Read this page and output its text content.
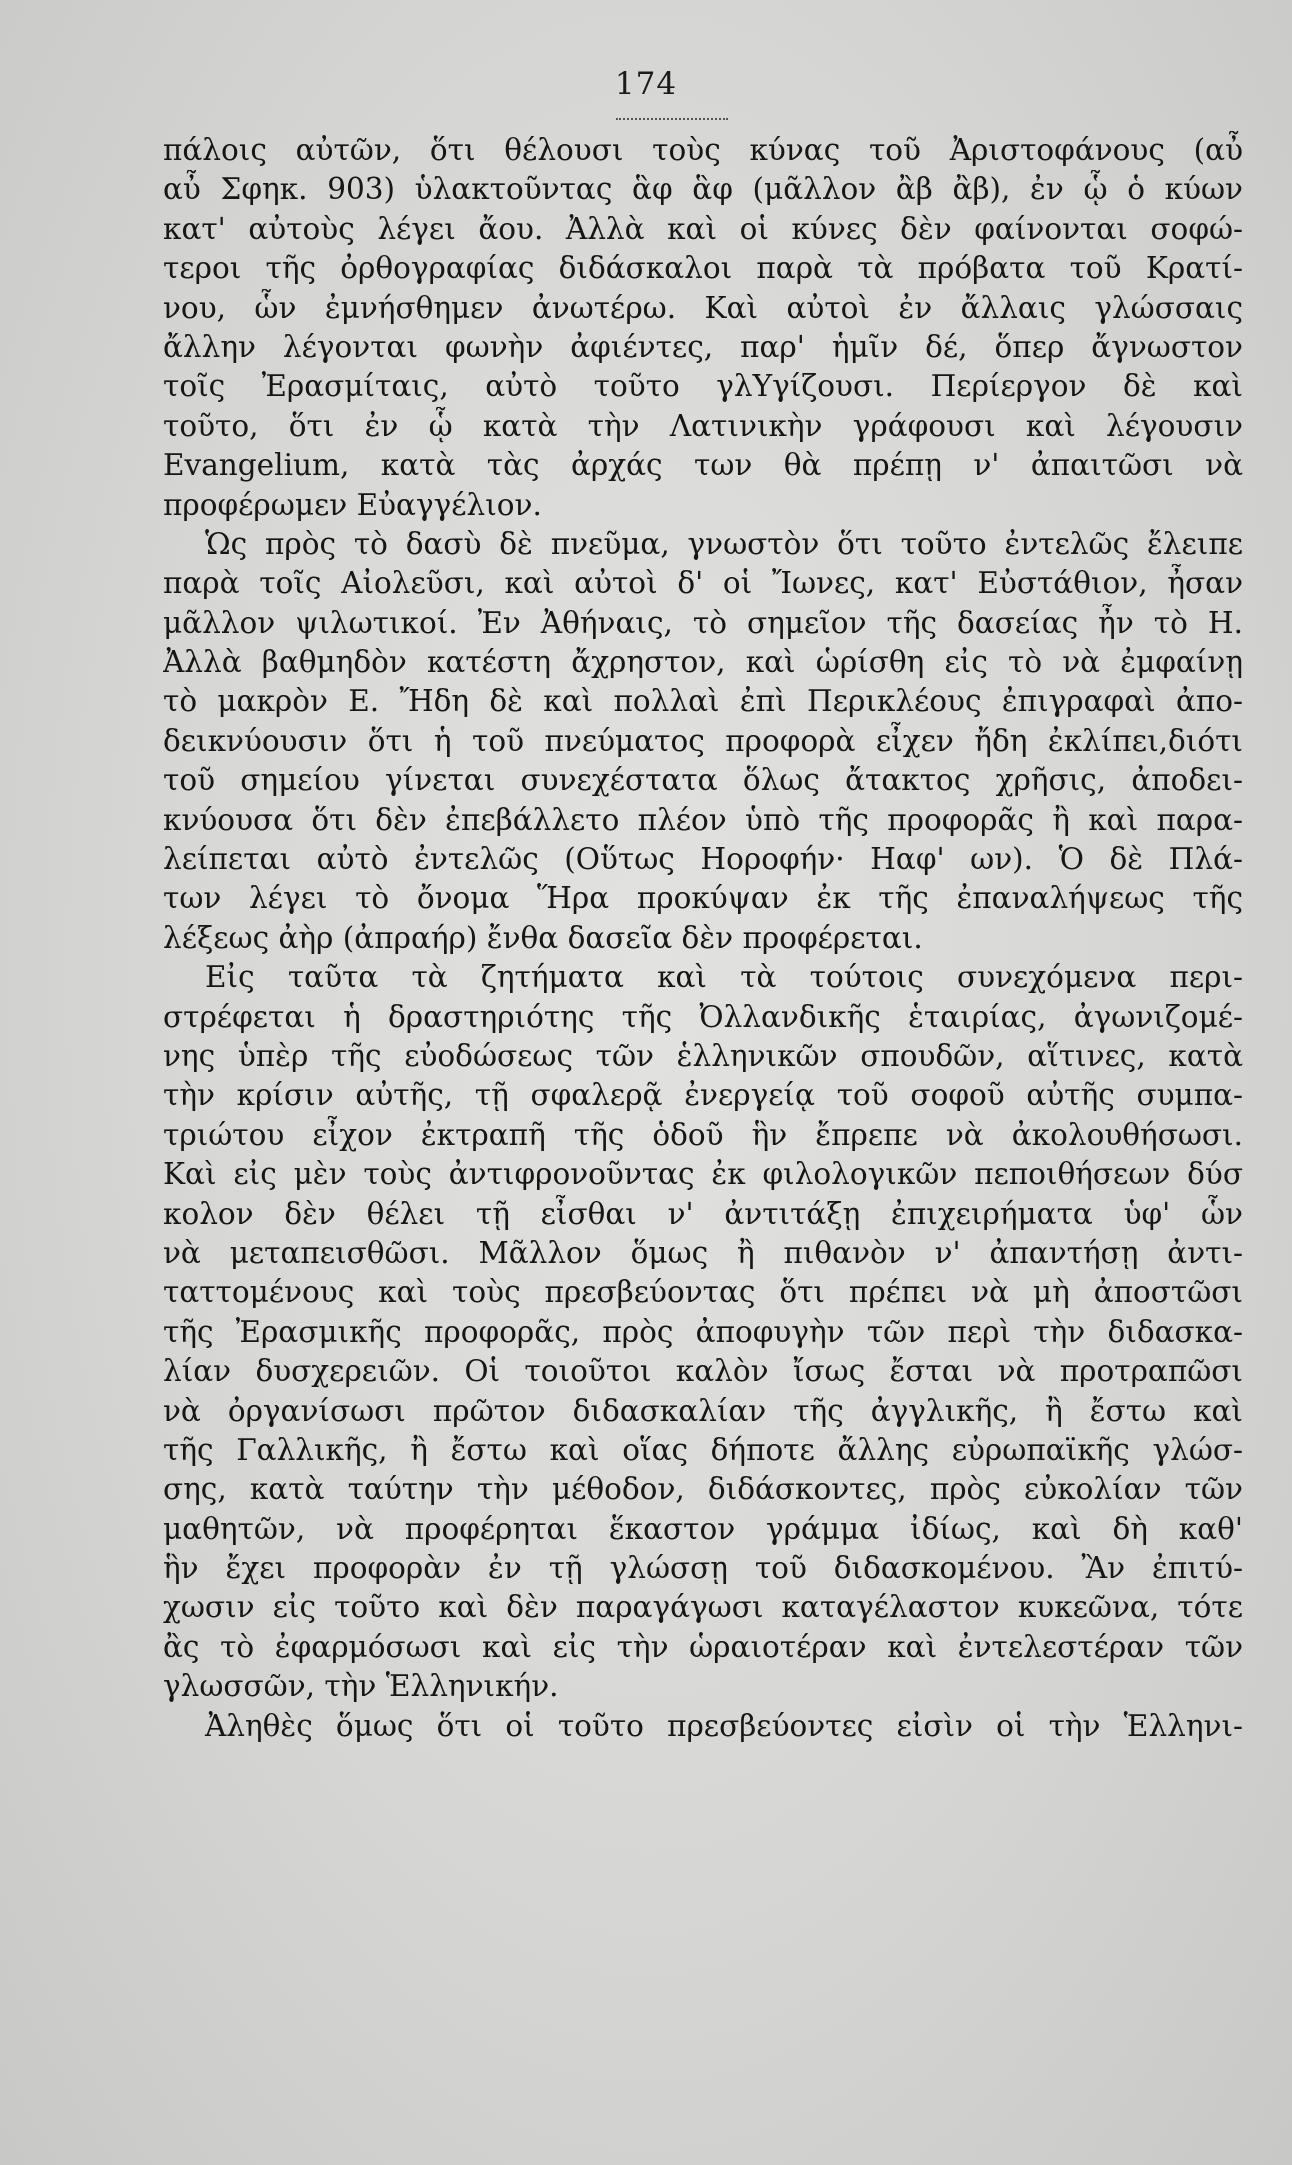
174
πάλοις αὐτῶν, ὅτι θέλουσι τοὺς κύνας τοῦ Ἀριστοφάνους (αὖ
αὖ Σφηκ. 903) ὑλακτοῦντας ἃφ ἃφ (μᾶλλον ἂβ ἂβ), ἐν ᾧ ὁ κύων
κατ' αὐτοὺς λέγει ἄου. Ἀλλὰ καὶ οἱ κύνες δὲν φαίνονται σοφώ-
τεροι τῆς ὀρθογραφίας διδάσκαλοι παρὰ τὰ πρόβατα τοῦ Κρατί-
νου, ὧν ἐμνήσθημεν ἀνωτέρω. Καὶ αὐτοὶ ἐν ἄλλαις γλώσσαις
ἄλλην λέγονται φωνὴν ἀφιέντες, παρ' ἡμῖν δέ, ὅπερ ἄγνωστον
τοῖς Ἐρασμίταις, αὐτὸ τοῦτο γλΥγίζουσι. Περίεργον δὲ καὶ
τοῦτο, ὅτι ἐν ᾧ κατὰ τὴν Λατινικὴν γράφουσι καὶ λέγουσιν
Evangelium, κατὰ τὰς ἀρχάς των θὰ πρέπῃ ν' ἀπαιτῶσι νὰ
προφέρωμεν Εὐαγγέλιον.
Ὡς πρὸς τὸ δασὺ δὲ πνεῦμα, γνωστὸν ὅτι τοῦτο ἐντελῶς ἔλειπε
παρὰ τοῖς Αἰολεῦσι, καὶ αὐτοὶ δ' οἱ Ἴωνες, κατ' Εὐστάθιον, ἦσαν
μᾶλλον ψιλωτικοί. Ἐν Ἀθήναις, τὸ σημεῖον τῆς δασείας ἦν τὸ Η.
Ἀλλὰ βαθμηδὸν κατέστη ἄχρηστον, καὶ ὡρίσθη εἰς τὸ νὰ ἐμφαίνῃ
τὸ μακρὸν Ε. Ἤδη δὲ καὶ πολλαὶ ἐπὶ Περικλέους ἐπιγραφαὶ ἀπο-
δεικνύουσιν ὅτι ἡ τοῦ πνεύματος προφορὰ εἶχεν ἤδη ἐκλίπει,διότι
τοῦ σημείου γίνεται συνεχέστατα ὅλως ἄτακτος χρῆσις, ἀποδει-
κνύουσα ὅτι δὲν ἐπεβάλλετο πλέον ὑπὸ τῆς προφορᾶς ἢ καὶ παρα-
λείπεται αὐτὸ ἐντελῶς (Οὕτως Ηοροφήν· Ηαφ' ων). Ὁ δὲ Πλά-
των λέγει τὸ ὄνομα Ἥρα προκύψαν ἐκ τῆς ἐπαναλήψεως τῆς
λέξεως ἀὴρ (ἀπραήρ) ἔνθα δασεῖα δὲν προφέρεται.
Εἰς ταῦτα τὰ ζητήματα καὶ τὰ τούτοις συνεχόμενα περι-
στρέφεται ἡ δραστηριότης τῆς Ὀλλανδικῆς ἑταιρίας, ἀγωνιζομέ-
νης ὑπὲρ τῆς εὐοδώσεως τῶν ἑλληνικῶν σπουδῶν, αἵτινες, κατὰ
τὴν κρίσιν αὐτῆς, τῇ σφαλερᾷ ἐνεργείᾳ τοῦ σοφοῦ αὐτῆς συμπα-
τριώτου εἶχον ἐκτραπῆ τῆς ὁδοῦ ἣν ἔπρεπε νὰ ἀκολουθήσωσι.
Καὶ εἰς μὲν τοὺς ἀντιφρονοῦντας ἐκ φιλολογικῶν πεποιθήσεων δύσ
κολον δὲν θέλει τῇ εἶσθαι ν' ἀντιτάξῃ ἐπιχειρήματα ὑφ' ὧν
νὰ μεταπεισθῶσι. Μᾶλλον ὅμως ἢ πιθανὸν ν' ἀπαντήσῃ ἀντι-
ταττομένους καὶ τοὺς πρεσβεύοντας ὅτι πρέπει νὰ μὴ ἀποστῶσι
τῆς Ἐρασμικῆς προφορᾶς, πρὸς ἀποφυγὴν τῶν περὶ τὴν διδασκα-
λίαν δυσχερειῶν. Οἱ τοιοῦτοι καλὸν ἴσως ἔσται νὰ προτραπῶσι
νὰ ὀργανίσωσι πρῶτον διδασκαλίαν τῆς ἀγγλικῆς, ἢ ἔστω καὶ
τῆς Γαλλικῆς, ἢ ἔστω καὶ οἵας δήποτε ἄλλης εὐρωπαϊκῆς γλώσ-
σης, κατὰ ταύτην τὴν μέθοδον, διδάσκοντες, πρὸς εὐκολίαν τῶν
μαθητῶν, νὰ προφέρηται ἕκαστον γράμμα ἰδίως, καὶ δὴ καθ'
ἣν ἔχει προφορὰν ἐν τῇ γλώσσῃ τοῦ διδασκομένου. Ἂν ἐπιτύ-
χωσιν εἰς τοῦτο καὶ δὲν παραγάγωσι καταγέλαστον κυκεῶνα, τότε
ἂς τὸ ἐφαρμόσωσι καὶ εἰς τὴν ὡραιοτέραν καὶ ἐντελεστέραν τῶν
γλωσσῶν, τὴν Ἑλληνικήν.
Ἀληθὲς ὅμως ὅτι οἱ τοῦτο πρεσβεύοντες εἰσὶν οἱ τὴν Ἑλληνι-
